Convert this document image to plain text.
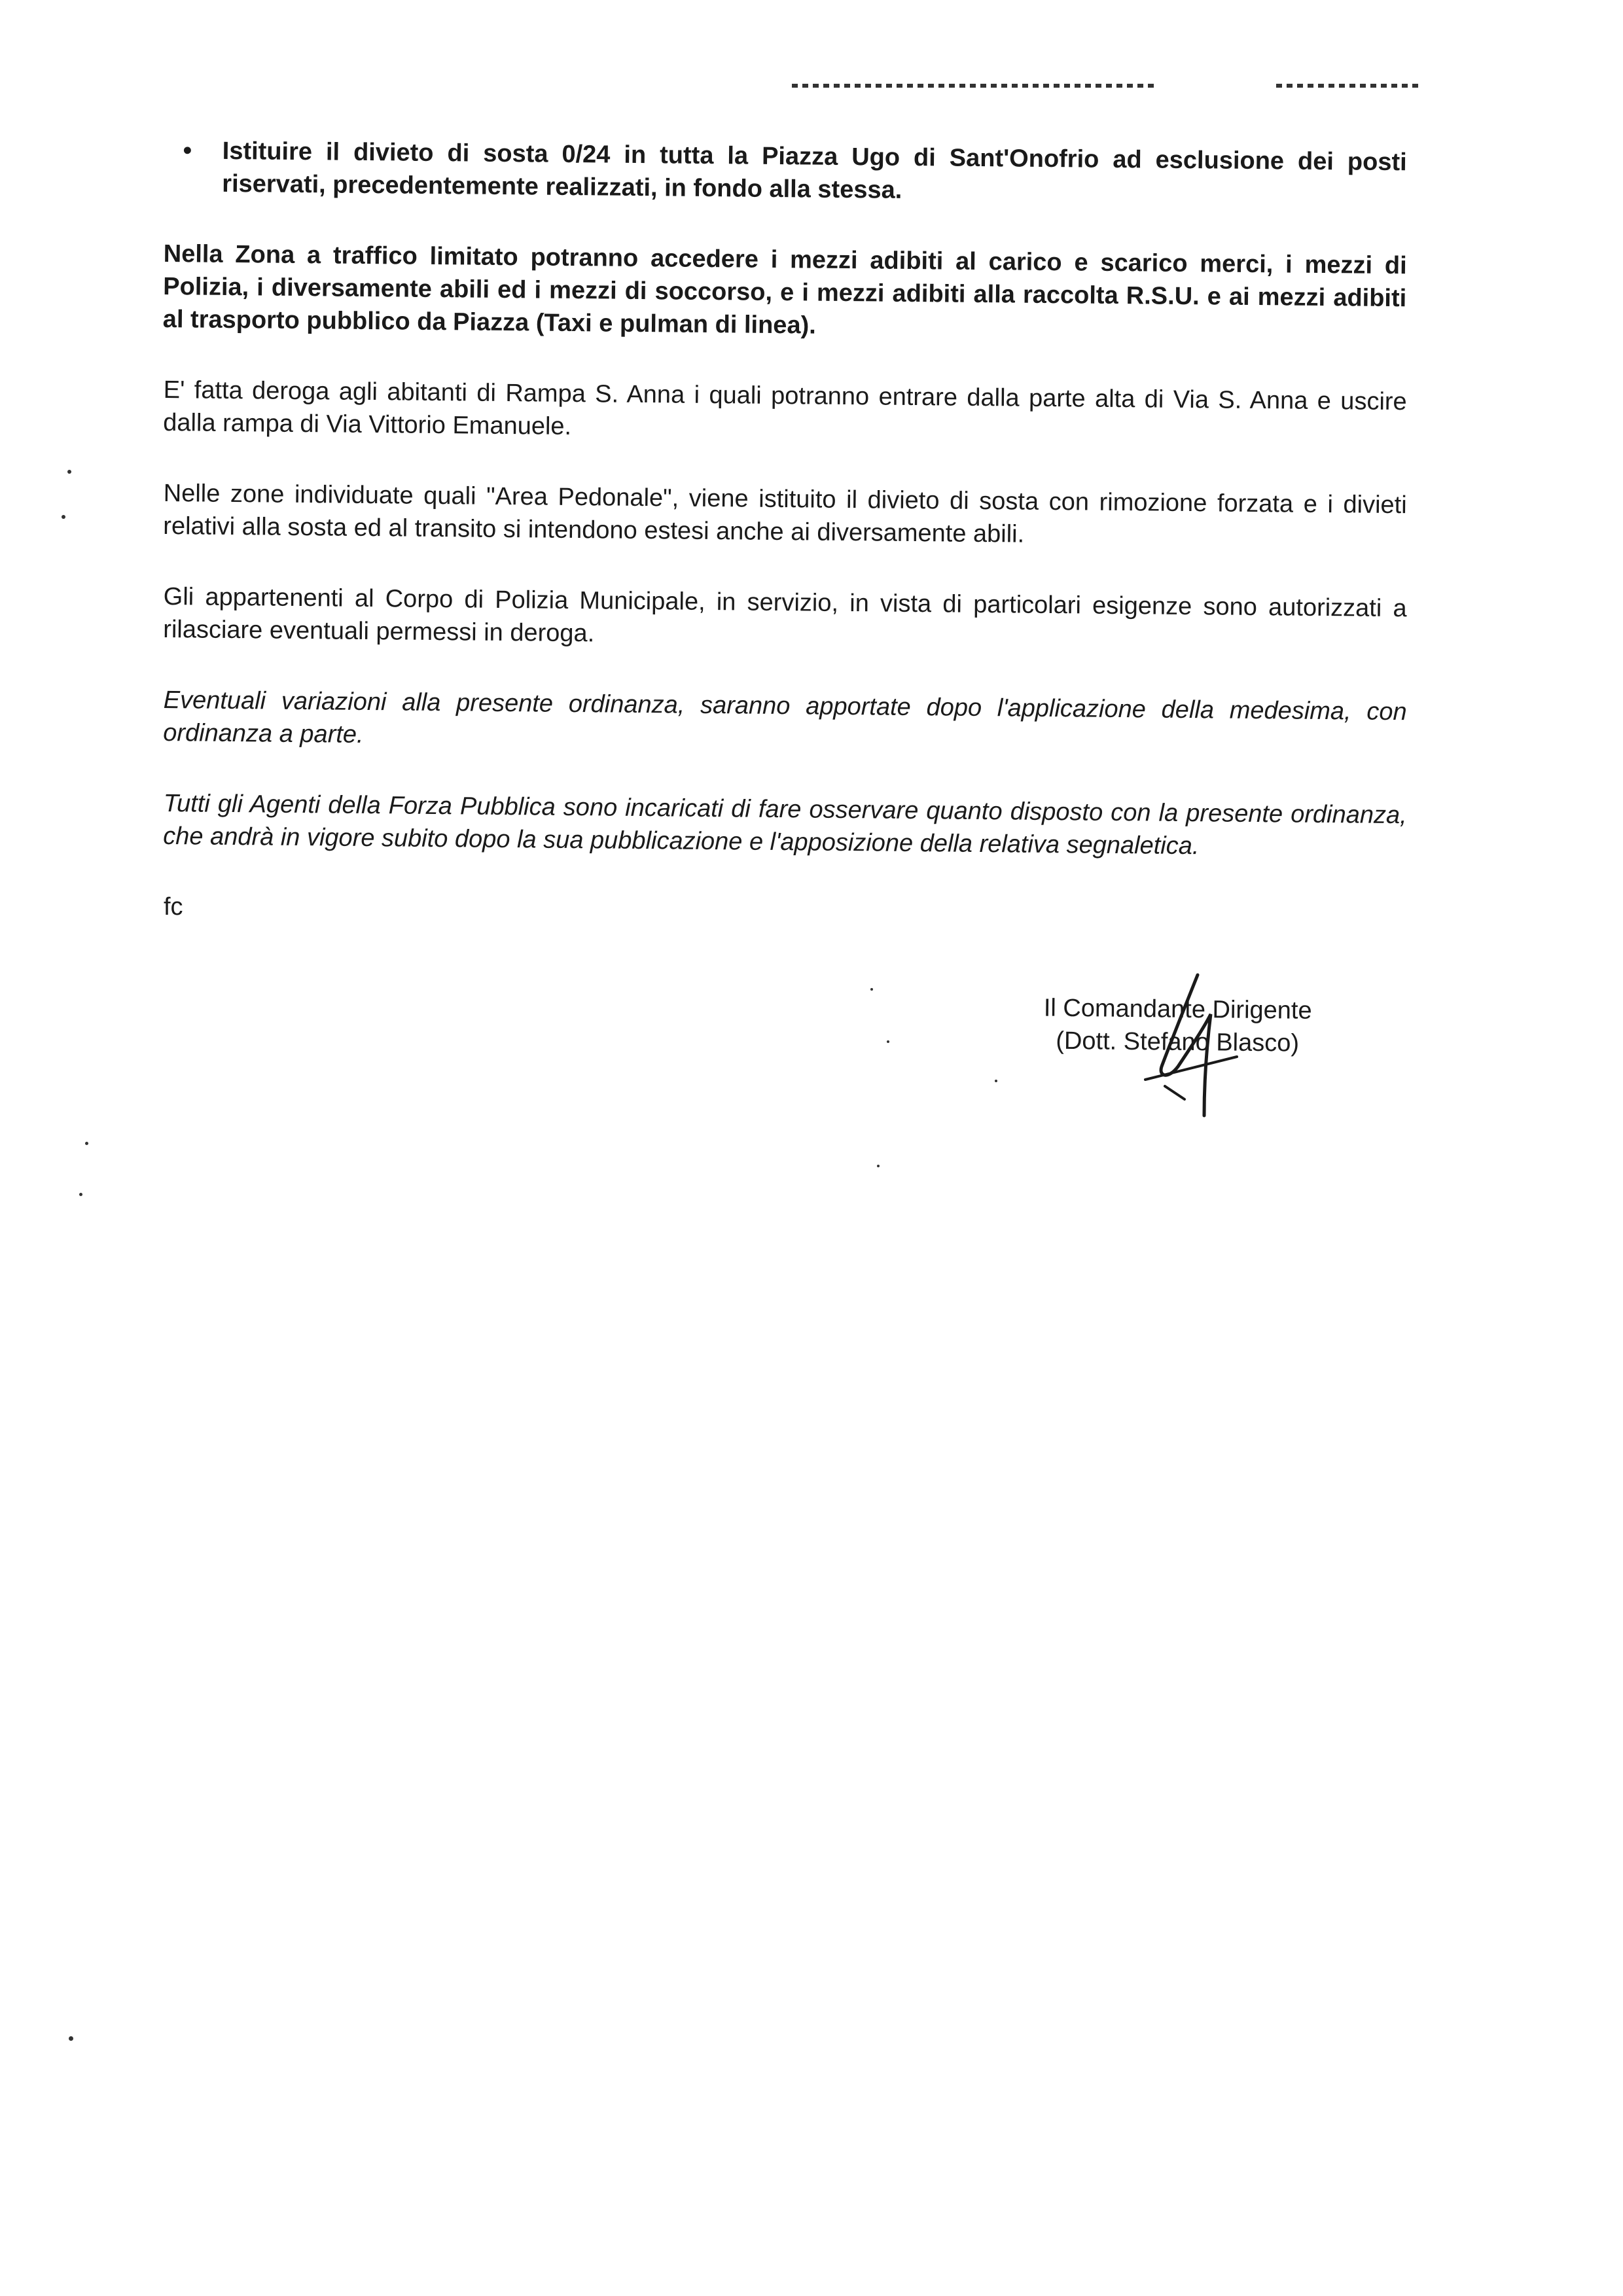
•	Istituire il divieto di sosta 0/24 in tutta la Piazza Ugo di Sant'Onofrio ad esclusione dei posti riservati, precedentemente realizzati, in fondo alla stessa.

Nella Zona a traffico limitato potranno accedere i mezzi adibiti al carico e scarico merci, i mezzi di Polizia, i diversamente abili ed i mezzi di soccorso, e i mezzi adibiti alla raccolta R.S.U. e ai mezzi adibiti al trasporto pubblico da Piazza (Taxi e pulman di linea).

E' fatta deroga agli abitanti di Rampa S. Anna i quali potranno entrare dalla parte alta di Via S. Anna e uscire dalla rampa di Via Vittorio Emanuele.

Nelle zone individuate quali "Area Pedonale", viene istituito il divieto di sosta con rimozione forzata e i divieti relativi alla sosta ed al transito si intendono estesi anche ai diversamente abili.

Gli appartenenti al Corpo di Polizia Municipale, in servizio, in vista di particolari esigenze sono autorizzati a rilasciare eventuali permessi in deroga.

Eventuali variazioni alla presente ordinanza, saranno apportate dopo l'applicazione della medesima, con ordinanza a parte.

Tutti gli Agenti della Forza Pubblica sono incaricati di fare osservare quanto disposto con la presente ordinanza, che andrà in vigore subito dopo la sua pubblicazione e l'apposizione della relativa segnaletica.

fc

Il Comandante Dirigente
(Dott. Stefano Blasco)
